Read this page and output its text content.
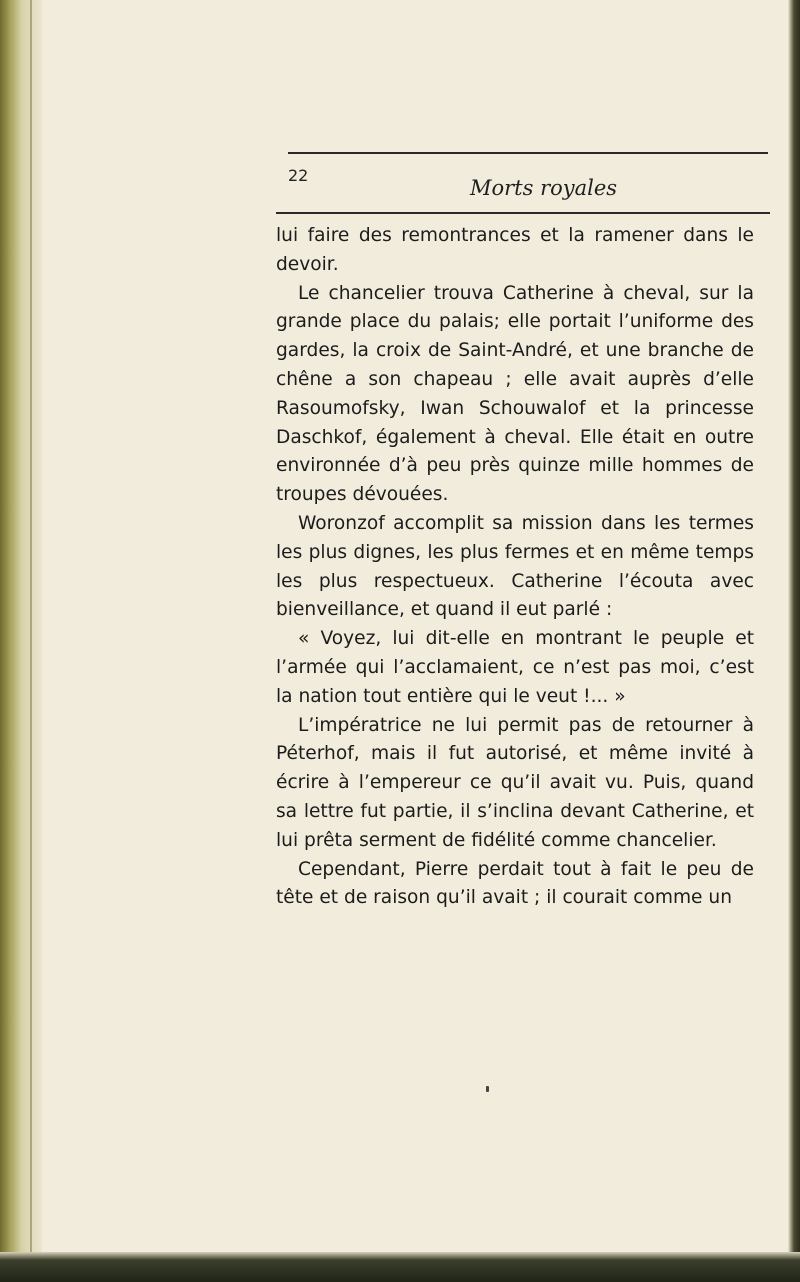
22
Morts royales

lui faire des remontrances et la ramener dans le devoir.

Le chancelier trouva Catherine à cheval, sur la grande place du palais; elle portait l’uniforme des gardes, la croix de Saint-André, et une branche de chêne a son chapeau ; elle avait auprès d’elle Rasoumofsky, Iwan Schouwalof et la princesse Daschkof, également à cheval. Elle était en outre environnée d’à peu près quinze mille hommes de troupes dévouées.

Woronzof accomplit sa mission dans les termes les plus dignes, les plus fermes et en même temps les plus respectueux. Catherine l’écouta avec bienveillance, et quand il eut parlé :

« Voyez, lui dit-elle en montrant le peuple et l’armée qui l’acclamaient, ce n’est pas moi, c’est la nation tout entière qui le veut !... »

L’impératrice ne lui permit pas de retourner à Péterhof, mais il fut autorisé, et même invité à écrire à l’empereur ce qu’il avait vu. Puis, quand sa lettre fut partie, il s’inclina devant Catherine, et lui prêta serment de fidélité comme chancelier.

Cependant, Pierre perdait tout à fait le peu de tête et de raison qu’il avait ; il courait comme un
